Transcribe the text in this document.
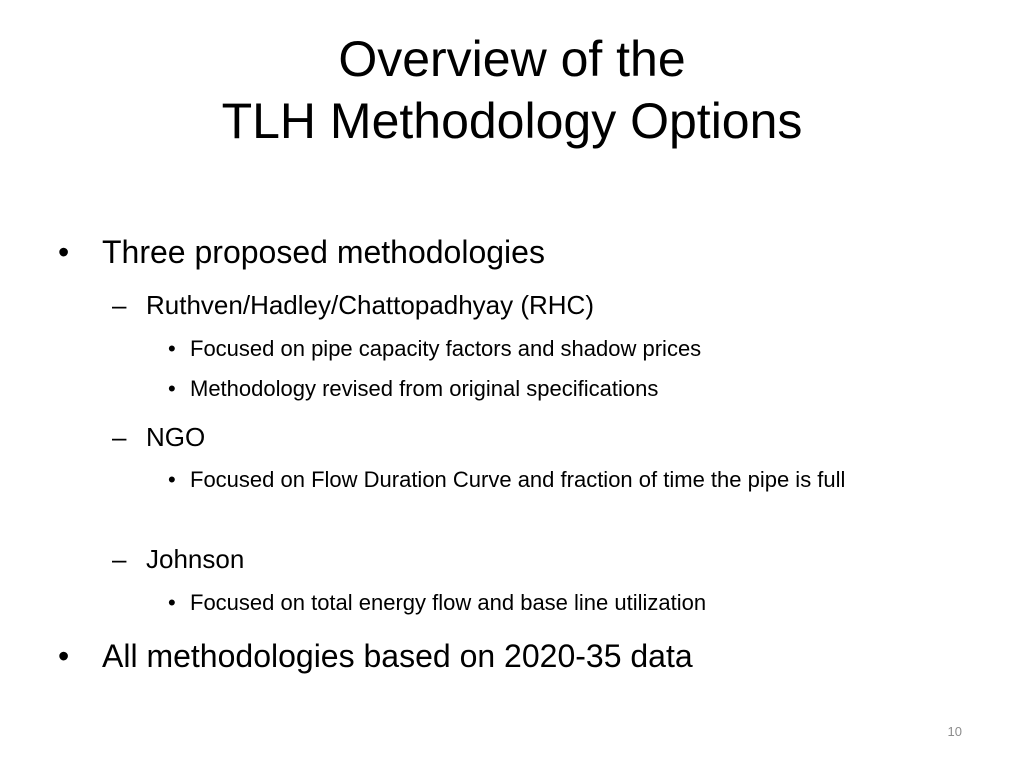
Overview of the
TLH Methodology Options
• Three proposed methodologies
– Ruthven/Hadley/Chattopadhyay (RHC)
• Focused on pipe capacity factors and shadow prices
• Methodology revised from original specifications
– NGO
• Focused on Flow Duration Curve and fraction of time the pipe is full
– Johnson
• Focused on total energy flow and base line utilization
• All methodologies based on 2020-35 data
10
